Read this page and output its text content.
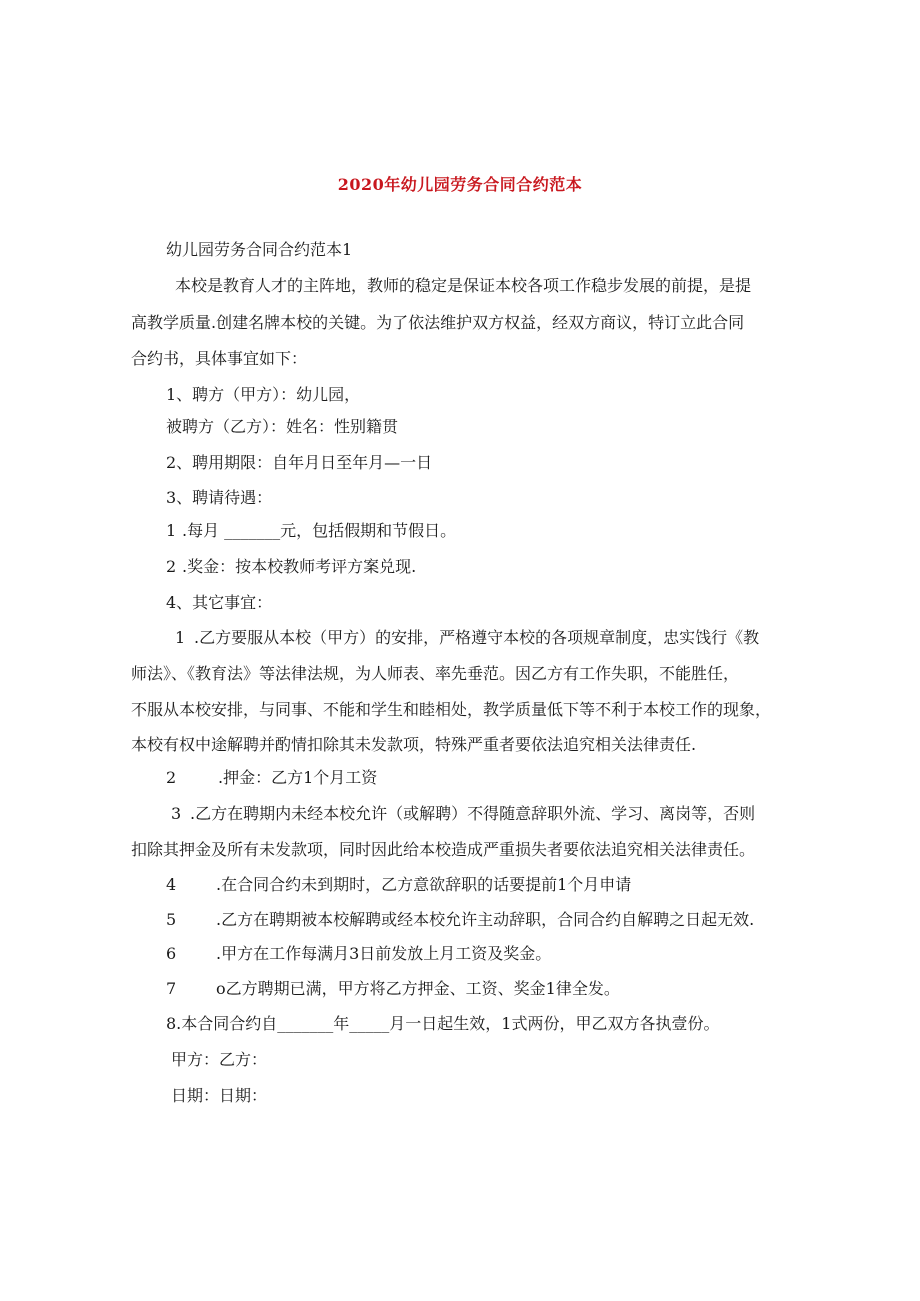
2020年幼儿园劳务合同合约范本
幼儿园劳务合同合约范本1
本校是教育人才的主阵地，教师的稳定是保证本校各项工作稳步发展的前提，是提
高教学质量.创建名牌本校的关键。为了依法维护双方权益，经双方商议，特订立此合同
合约书，具体事宜如下：
1、聘方（甲方）：幼儿园，
被聘方（乙方）：姓名：性别籍贯
2、聘用期限：自年月日至年月—一日
3、聘请待遇：
1 .每月 _______元，包括假期和节假日。
2 .奖金：按本校教师考评方案兑现.
4、其它事宜：
1 .乙方要服从本校（甲方）的安排，严格遵守本校的各项规章制度，忠实饯行《教
师法》、《教育法》等法律法规，为人师表、率先垂范。因乙方有工作失职，不能胜任，
不服从本校安排，与同事、不能和学生和睦相处，教学质量低下等不利于本校工作的现象，
本校有权中途解聘并酌情扣除其未发款项，特殊严重者要依法追究相关法律责任.
2	.押金：乙方1个月工资
3 .乙方在聘期内未经本校允许（或解聘）不得随意辞职外流、学习、离岗等，否则
扣除其押金及所有未发款项，同时因此给本校造成严重损失者要依法追究相关法律责任。
4 .在合同合约未到期时，乙方意欲辞职的话要提前1个月申请
5 .乙方在聘期被本校解聘或经本校允许主动辞职，合同合约自解聘之日起无效.
6 .甲方在工作每满月3日前发放上月工资及奖金。
7 o乙方聘期已满，甲方将乙方押金、工资、奖金1律全发。
8.本合同合约自_______年_____月一日起生效，1式两份，甲乙双方各执壹份。
甲方：乙方：
日期：日期：
